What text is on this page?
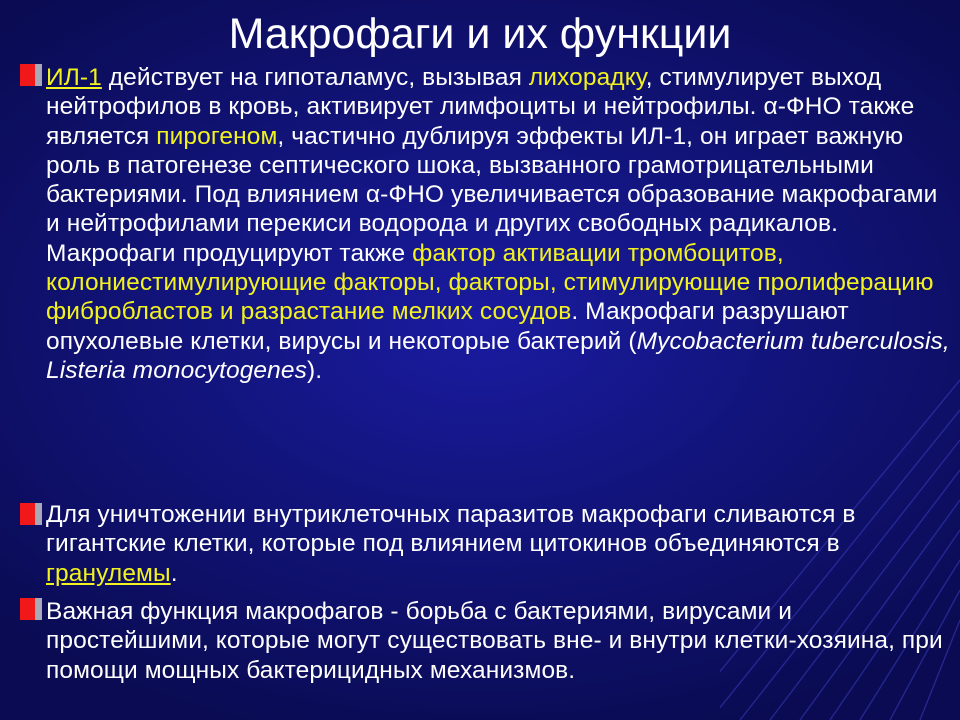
Макрофаги и их функции

ИЛ-1 действует на гипоталамус, вызывая лихорадку, стимулирует выход нейтрофилов в кровь, активирует лимфоциты и нейтрофилы. α-ФНО также является пирогеном, частично дублируя эффекты ИЛ-1, он играет важную роль в патогенезе септического шока, вызванного грамотрицательными бактериями. Под влиянием α-ФНО увеличивается образование макрофагами и нейтрофилами перекиси водорода и других свободных радикалов. Макрофаги продуцируют также фактор активации тромбоцитов, колониестимулирующие факторы, факторы, стимулирующие пролиферацию фибробластов и разрастание мелких сосудов. Макрофаги разрушают опухолевые клетки, вирусы и некоторые бактерий (Mycobacterium tuberculosis, Listeria monocytogenes).

Для уничтожении внутриклеточных паразитов макрофаги сливаются в гигантские клетки, которые под влиянием цитокинов объединяются в гранулемы.

Важная функция макрофагов - борьба с бактериями, вирусами и простейшими, которые могут существовать вне- и внутри клетки-хозяина, при помощи мощных бактерицидных механизмов.
